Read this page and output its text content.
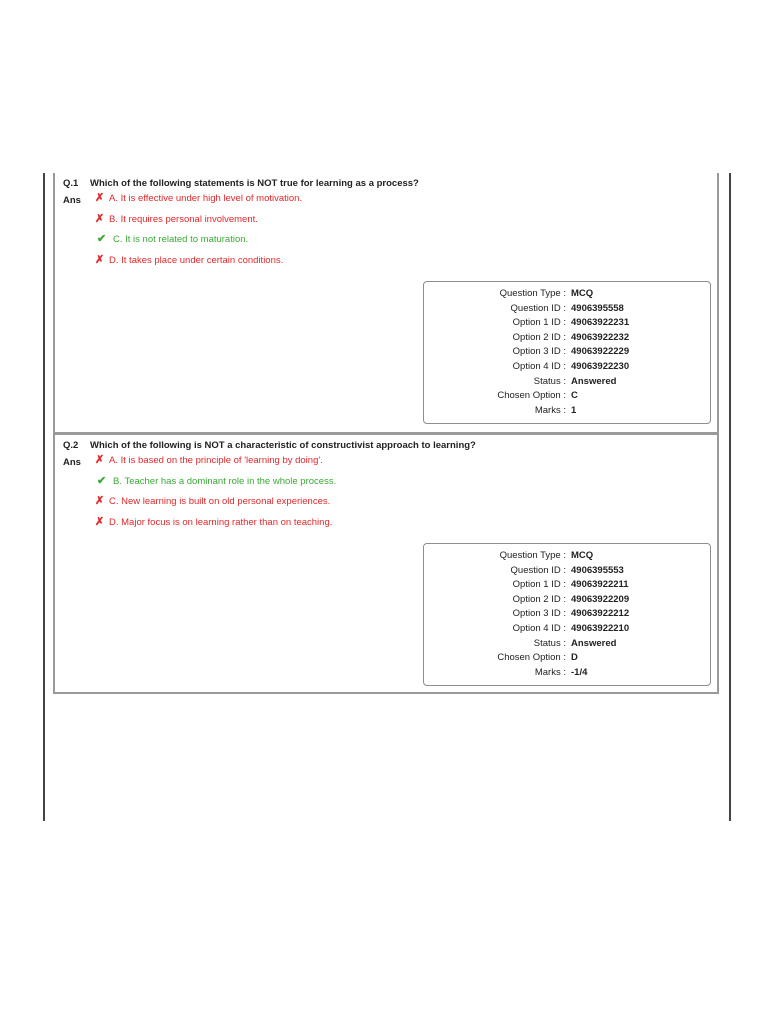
Q.1	Which of the following statements is NOT true for learning as a process?
Ans ✗ A. It is effective under high level of motivation.
✗ B. It requires personal involvement.
✔ C. It is not related to maturation.
✗ D. It takes place under certain conditions.
Question Type : MCQ
Question ID : 4906395558
Option 1 ID : 49063922231
Option 2 ID : 49063922232
Option 3 ID : 49063922229
Option 4 ID : 49063922230
Status : Answered
Chosen Option : C
Marks : 1
Q.2	Which of the following is NOT a characteristic of constructivist approach to learning?
Ans ✗ A. It is based on the principle of 'learning by doing'.
✔ B. Teacher has a dominant role in the whole process.
✗ C. New learning is built on old personal experiences.
✗ D. Major focus is on learning rather than on teaching.
Question Type : MCQ
Question ID : 4906395553
Option 1 ID : 49063922211
Option 2 ID : 49063922209
Option 3 ID : 49063922212
Option 4 ID : 49063922210
Status : Answered
Chosen Option : D
Marks : -1/4
